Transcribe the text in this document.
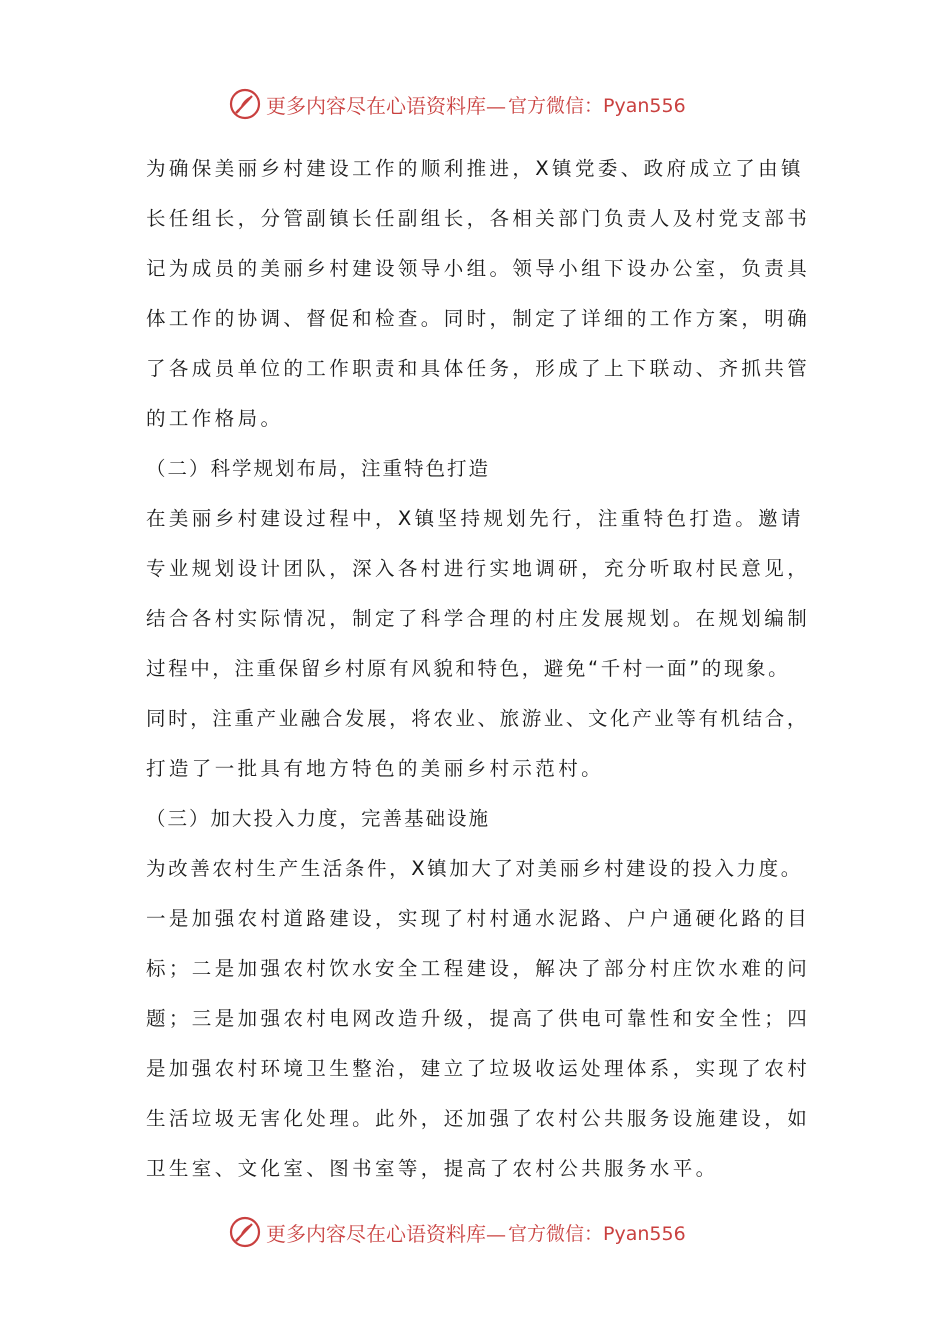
更多内容尽在心语资料库— 官方微信：Pyan556
为确保美丽乡村建设工作的顺利推进，X镇党委、政府成立了由镇
长任组长，分管副镇长任副组长，各相关部门负责人及村党支部书
记为成员的美丽乡村建设领导小组。领导小组下设办公室，负责具
体工作的协调、督促和检查。同时，制定了详细的工作方案，明确
了各成员单位的工作职责和具体任务，形成了上下联动、齐抓共管
的工作格局。
（二）科学规划布局，注重特色打造
在美丽乡村建设过程中，X镇坚持规划先行，注重特色打造。邀请
专业规划设计团队，深入各村进行实地调研，充分听取村民意见，
结合各村实际情况，制定了科学合理的村庄发展规划。在规划编制
过程中，注重保留乡村原有风貌和特色，避免“千村一面”的现象。
同时，注重产业融合发展，将农业、旅游业、文化产业等有机结合，
打造了一批具有地方特色的美丽乡村示范村。
（三）加大投入力度，完善基础设施
为改善农村生产生活条件，X镇加大了对美丽乡村建设的投入力度。
一是加强农村道路建设，实现了村村通水泥路、户户通硬化路的目
标；二是加强农村饮水安全工程建设，解决了部分村庄饮水难的问
题；三是加强农村电网改造升级，提高了供电可靠性和安全性；四
是加强农村环境卫生整治，建立了垃圾收运处理体系，实现了农村
生活垃圾无害化处理。此外，还加强了农村公共服务设施建设，如
卫生室、文化室、图书室等，提高了农村公共服务水平。
更多内容尽在心语资料库— 官方微信：Pyan556
